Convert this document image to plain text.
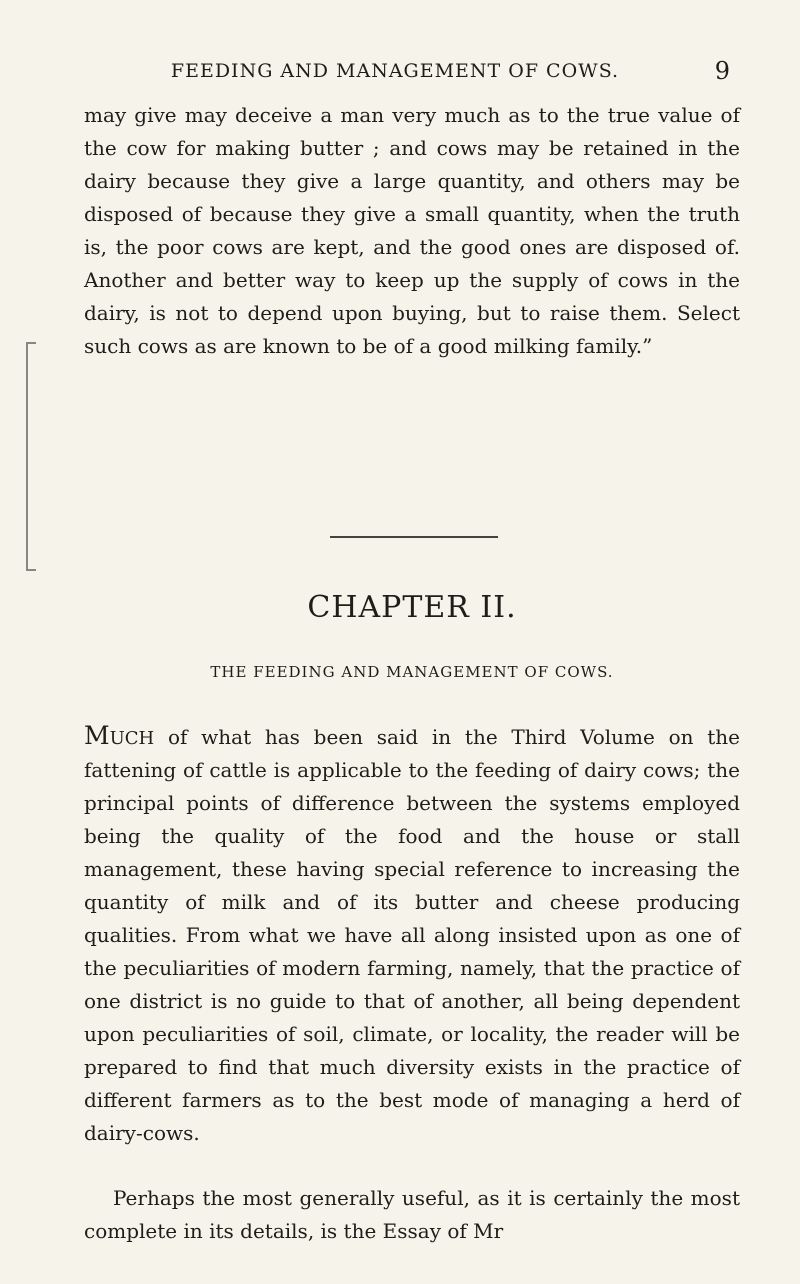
FEEDING AND MANAGEMENT OF COWS.	9

may give may deceive a man very much as to the true value of the cow for making butter ; and cows may be retained in the dairy because they give a large quantity, and others may be disposed of because they give a small quantity, when the truth is, the poor cows are kept, and the good ones are disposed of. Another and better way to keep up the supply of cows in the dairy, is not to depend upon buying, but to raise them. Select such cows as are known to be of a good milking family.”

CHAPTER II.
THE FEEDING AND MANAGEMENT OF COWS.

Much of what has been said in the Third Volume on the fattening of cattle is applicable to the feeding of dairy cows; the principal points of difference between the systems employed being the quality of the food and the house or stall management, these having special reference to increasing the quantity of milk and of its butter and cheese producing qualities. From what we have all along insisted upon as one of the peculiarities of modern farming, namely, that the practice of one district is no guide to that of another, all being dependent upon peculiarities of soil, climate, or locality, the reader will be prepared to find that much diversity exists in the practice of different farmers as to the best mode of managing a herd of dairy-cows.

Perhaps the most generally useful, as it is certainly the most complete in its details, is the Essay of Mr
